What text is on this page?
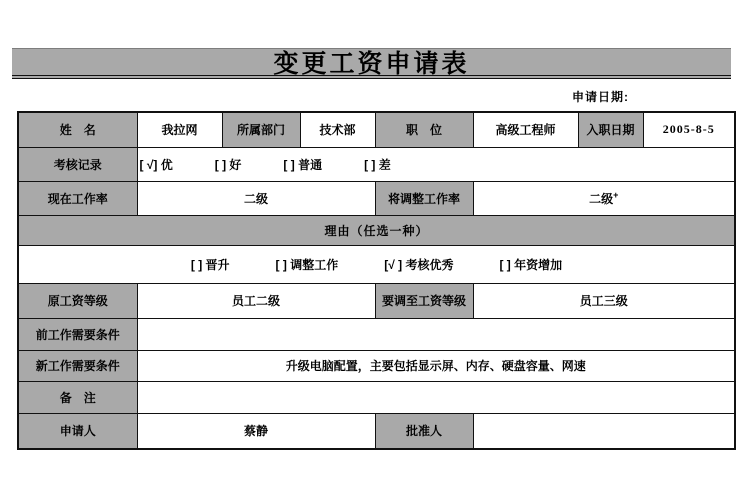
变更工资申请表
申请日期:
姓　名	我拉网	所属部门	技术部	职　位	高级工程师	入职日期	2005-8-5
考核记录	[ √] 优 [ ] 好 [ ] 普通 [ ] 差						

现在工作率	二级			将调整工作率	二级+
理由（任选一种）							

[ ] 晋升 [ ] 调整工作 [√ ] 考核优秀 [ ] 年资增加							

原工资等级	员工二级			要调至工资等级	员工三级		
前工作需要条件							
新工作需要条件	升级电脑配置，主要包括显示屏、内存、硬盘容量、网速						
备　注							
申请人	蔡静			批准人			
